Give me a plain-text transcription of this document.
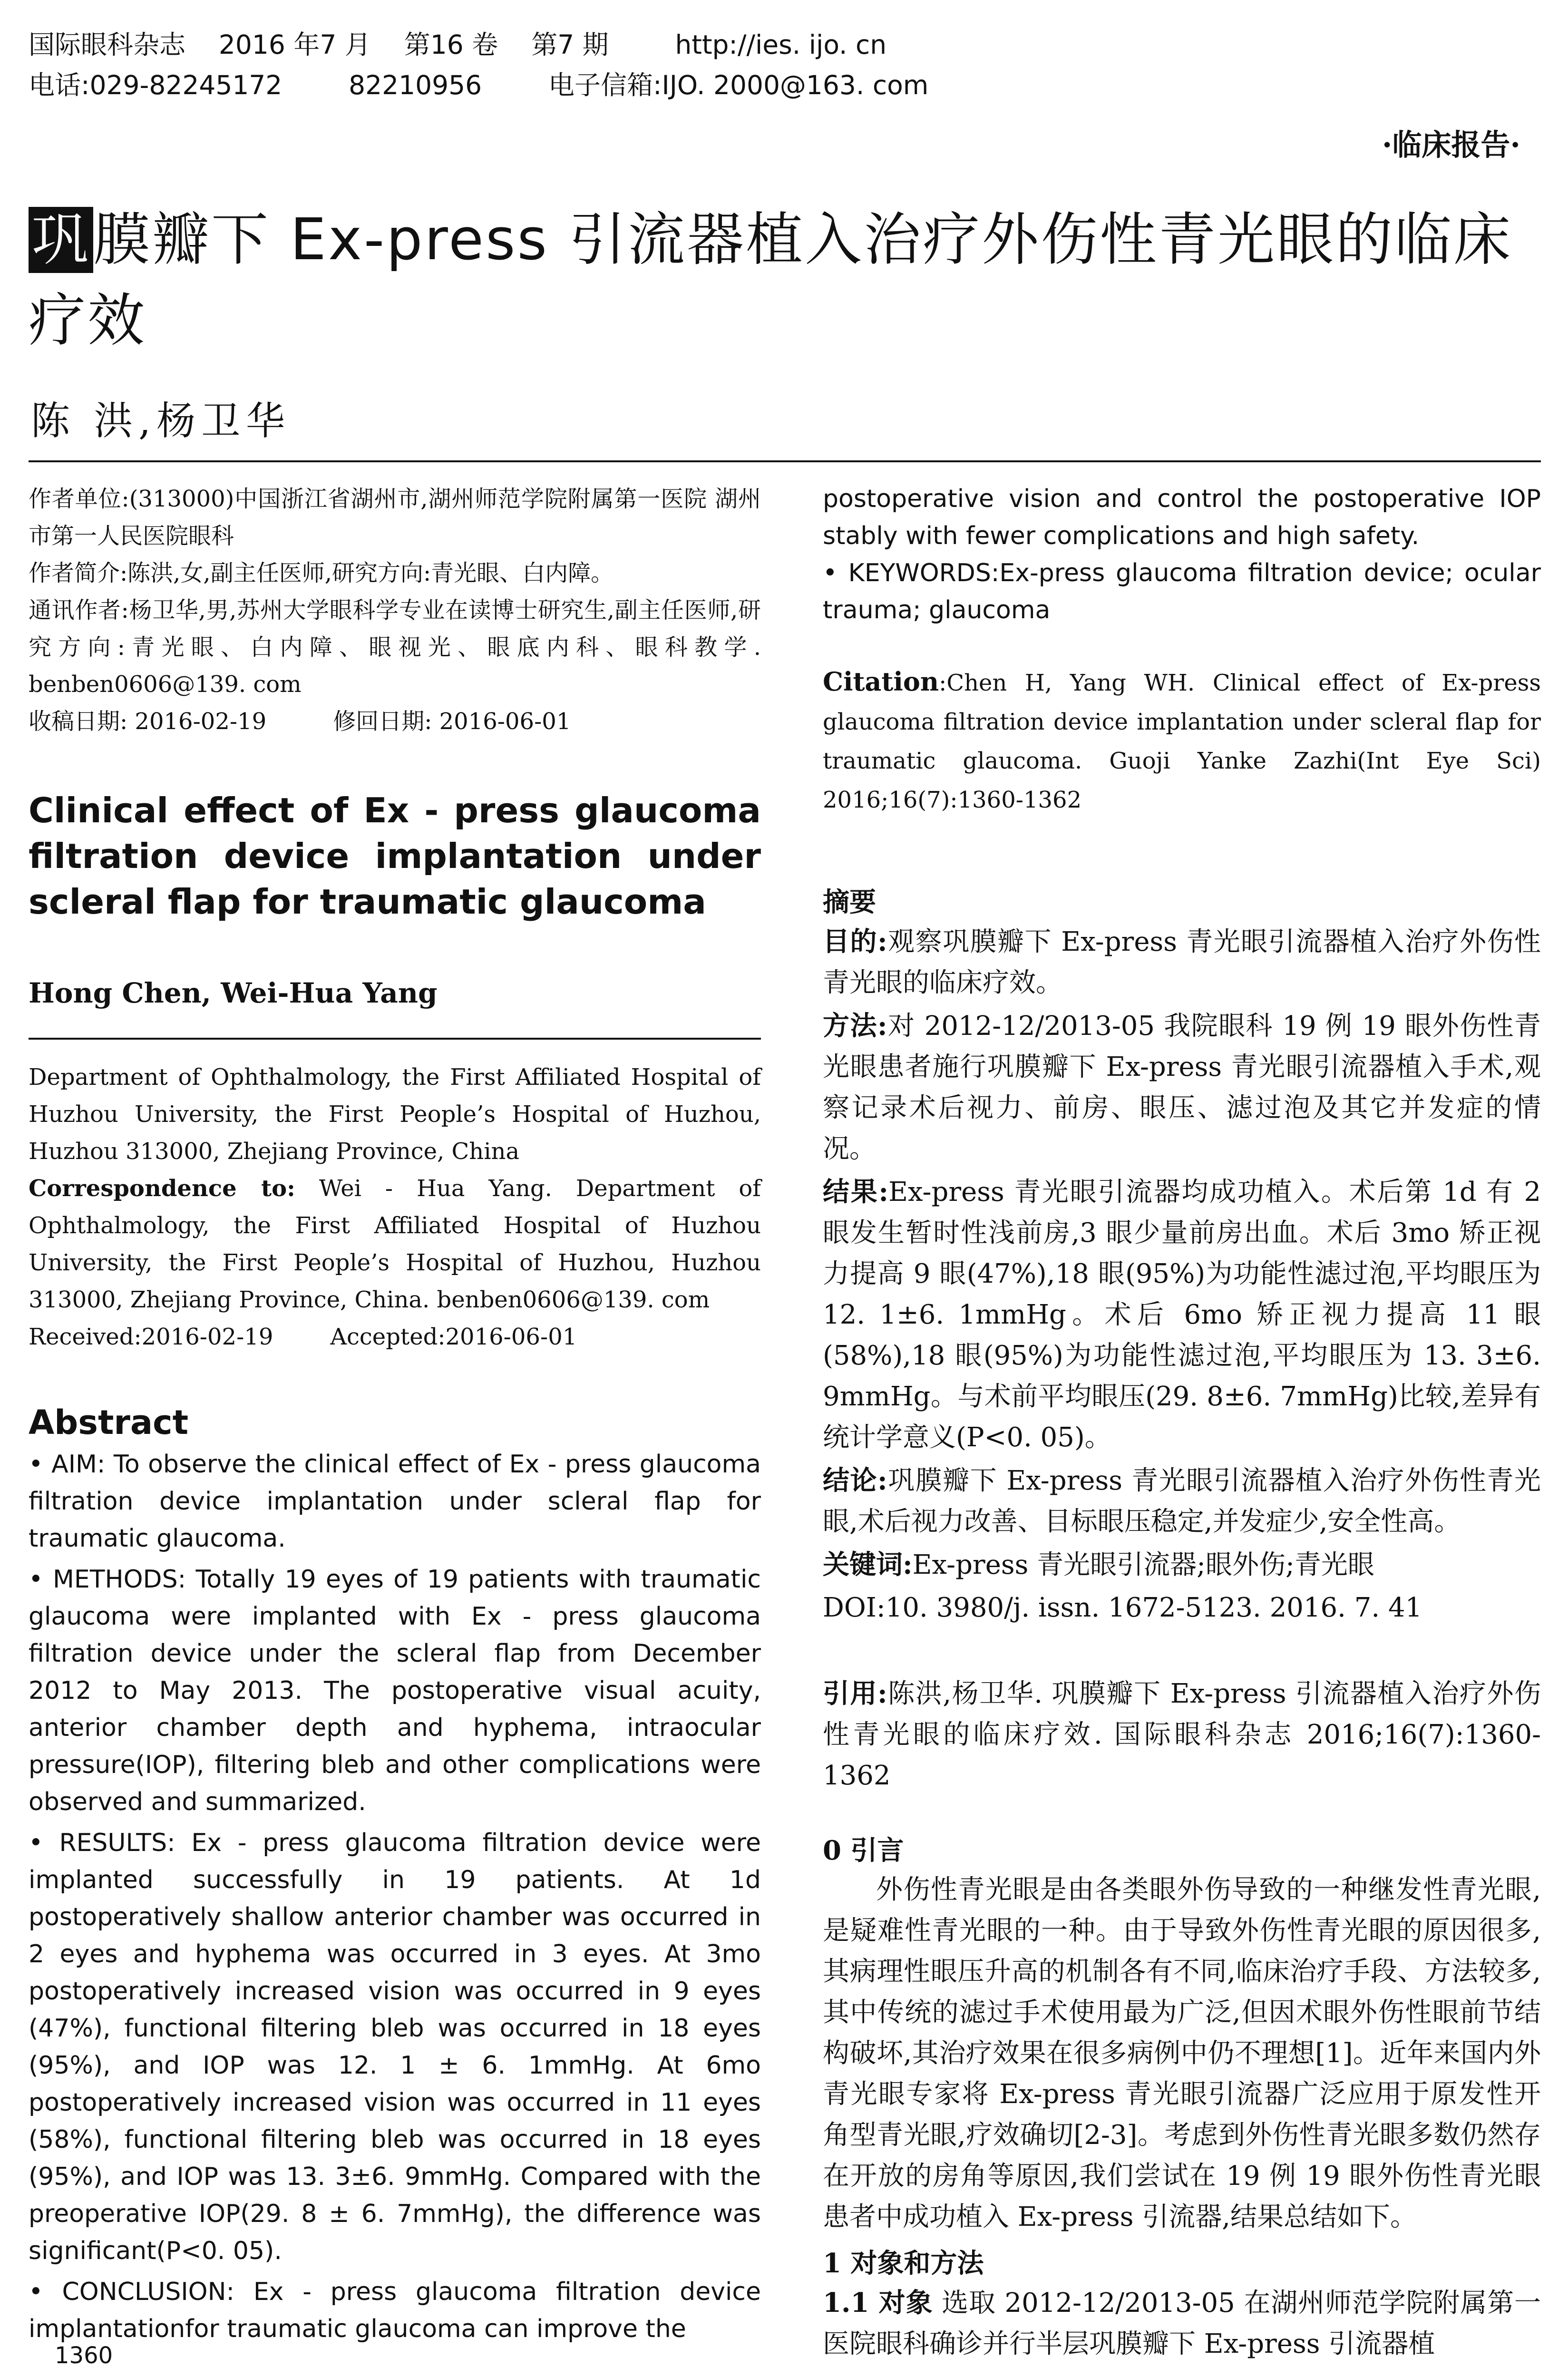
国际眼科杂志    2016 年7 月    第16 卷    第7 期        http://ies. ijo. cn
电话:029-82245172        82210956        电子信箱:IJO. 2000@163. com
·临床报告·
巩膜瓣下 Ex-press 引流器植入治疗外伤性青光眼的临床疗效
陈 洪,杨卫华
作者单位:(313000)中国浙江省湖州市,湖州师范学院附属第一医院 湖州市第一人民医院眼科
作者简介:陈洪,女,副主任医师,研究方向:青光眼、白内障。
通讯作者:杨卫华,男,苏州大学眼科学专业在读博士研究生,副主任医师,研究方向:青光眼、白内障、眼视光、眼底内科、眼科教学. benben0606@139. com
收稿日期: 2016-02-19	修回日期: 2016-06-01
Clinical effect of Ex - press glaucoma filtration device implantation under scleral flap for traumatic glaucoma
Hong Chen, Wei-Hua Yang
Department of Ophthalmology, the First Affiliated Hospital of Huzhou University, the First People’s Hospital of Huzhou, Huzhou 313000, Zhejiang Province, China
Correspondence to: Wei - Hua Yang. Department of Ophthalmology, the First Affiliated Hospital of Huzhou University, the First People’s Hospital of Huzhou, Huzhou 313000, Zhejiang Province, China. benben0606@139. com
Received:2016-02-19	Accepted:2016-06-01
Abstract

• AIM: To observe the clinical effect of Ex - press glaucoma filtration device implantation under scleral flap for traumatic glaucoma.

• METHODS: Totally 19 eyes of 19 patients with traumatic glaucoma were implanted with Ex - press glaucoma filtration device under the scleral flap from December 2012 to May 2013. The postoperative visual acuity, anterior chamber depth and hyphema, intraocular pressure(IOP), filtering bleb and other complications were observed and summarized.

• RESULTS: Ex - press glaucoma filtration device were implanted successfully in 19 patients. At 1d postoperatively shallow anterior chamber was occurred in 2 eyes and hyphema was occurred in 3 eyes. At 3mo postoperatively increased vision was occurred in 9 eyes (47%), functional filtering bleb was occurred in 18 eyes (95%), and IOP was 12. 1 ± 6. 1mmHg. At 6mo postoperatively increased vision was occurred in 11 eyes (58%), functional filtering bleb was occurred in 18 eyes (95%), and IOP was 13. 3±6. 9mmHg. Compared with the preoperative IOP(29. 8 ± 6. 7mmHg), the difference was significant(P<0. 05).

• CONCLUSION: Ex - press glaucoma filtration device implantationfor traumatic glaucoma can improve the

postoperative vision and control the postoperative IOP stably with fewer complications and high safety.

• KEYWORDS:Ex-press glaucoma filtration device; ocular trauma; glaucoma

Citation:Chen H, Yang WH. Clinical effect of Ex-press glaucoma filtration device implantation under scleral flap for traumatic glaucoma. Guoji Yanke Zazhi(Int Eye Sci) 2016;16(7):1360-1362
摘要

目的:观察巩膜瓣下 Ex-press 青光眼引流器植入治疗外伤性青光眼的临床疗效。

方法:对 2012-12/2013-05 我院眼科 19 例 19 眼外伤性青光眼患者施行巩膜瓣下 Ex-press 青光眼引流器植入手术,观察记录术后视力、前房、眼压、滤过泡及其它并发症的情况。

结果:Ex-press 青光眼引流器均成功植入。术后第 1d 有 2 眼发生暂时性浅前房,3 眼少量前房出血。术后 3mo 矫正视力提高 9 眼(47%),18 眼(95%)为功能性滤过泡,平均眼压为 12. 1±6. 1mmHg。术后 6mo 矫正视力提高 11 眼(58%),18 眼(95%)为功能性滤过泡,平均眼压为 13. 3±6. 9mmHg。与术前平均眼压(29. 8±6. 7mmHg)比较,差异有统计学意义(P<0. 05)。

结论:巩膜瓣下 Ex-press 青光眼引流器植入治疗外伤性青光眼,术后视力改善、目标眼压稳定,并发症少,安全性高。

关键词:Ex-press 青光眼引流器;眼外伤;青光眼

DOI:10. 3980/j. issn. 1672-5123. 2016. 7. 41

引用:陈洪,杨卫华. 巩膜瓣下 Ex-press 引流器植入治疗外伤性青光眼的临床疗效. 国际眼科杂志 2016;16(7):1360-1362

0 引言

外伤性青光眼是由各类眼外伤导致的一种继发性青光眼,是疑难性青光眼的一种。由于导致外伤性青光眼的原因很多,其病理性眼压升高的机制各有不同,临床治疗手段、方法较多,其中传统的滤过手术使用最为广泛,但因术眼外伤性眼前节结构破坏,其治疗效果在很多病例中仍不理想[1]。近年来国内外青光眼专家将 Ex-press 青光眼引流器广泛应用于原发性开角型青光眼,疗效确切[2-3]。考虑到外伤性青光眼多数仍然存在开放的房角等原因,我们尝试在 19 例 19 眼外伤性青光眼患者中成功植入 Ex-press 引流器,结果总结如下。

1 对象和方法

1.1 对象 选取 2012-12/2013-05 在湖州师范学院附属第一医院眼科确诊并行半层巩膜瓣下 Ex-press 引流器植

1360
